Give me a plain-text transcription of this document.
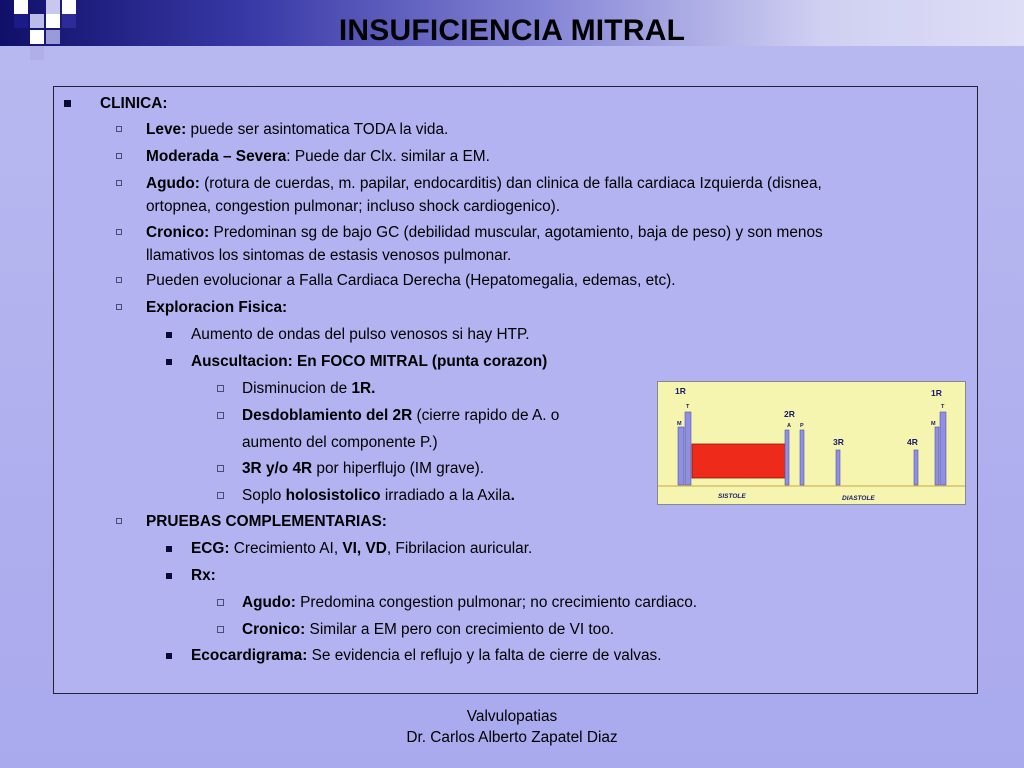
INSUFICIENCIA MITRAL
CLINICA:
Leve: puede ser asintomatica TODA la vida.
Moderada – Severa: Puede dar Clx. similar a EM.
Agudo: (rotura de cuerdas, m. papilar, endocarditis) dan clinica de falla cardiaca Izquierda (disnea,
ortopnea, congestion pulmonar; incluso shock cardiogenico).
Cronico: Predominan sg de bajo GC (debilidad muscular, agotamiento, baja de peso) y son menos
llamativos los sintomas de estasis venosos pulmonar.
Pueden evolucionar a Falla Cardiaca Derecha (Hepatomegalia, edemas, etc).
Exploracion Fisica:
Aumento de ondas del pulso venosos si hay HTP.
Auscultacion: En FOCO MITRAL (punta corazon)
Disminucion de 1R.
Desdoblamiento del 2R (cierre rapido de A. o
aumento del componente P.)
3R y/o 4R por hiperflujo (IM grave).
Soplo holosistolico irradiado a la Axila.
PRUEBAS COMPLEMENTARIAS:
ECG: Crecimiento AI, VI, VD, Fibrilacion auricular.
Rx:
Agudo: Predomina congestion pulmonar; no crecimiento cardiaco.
Cronico: Similar a EM pero con crecimiento de VI too.
Ecocardigrama: Se evidencia el reflujo y la falta de cierre de valvas.
1R
T
M
2R
A P
3R	4R
1R
T
M
SISTOLE	DIASTOLE
Valvulopatias
Dr. Carlos Alberto Zapatel Diaz
